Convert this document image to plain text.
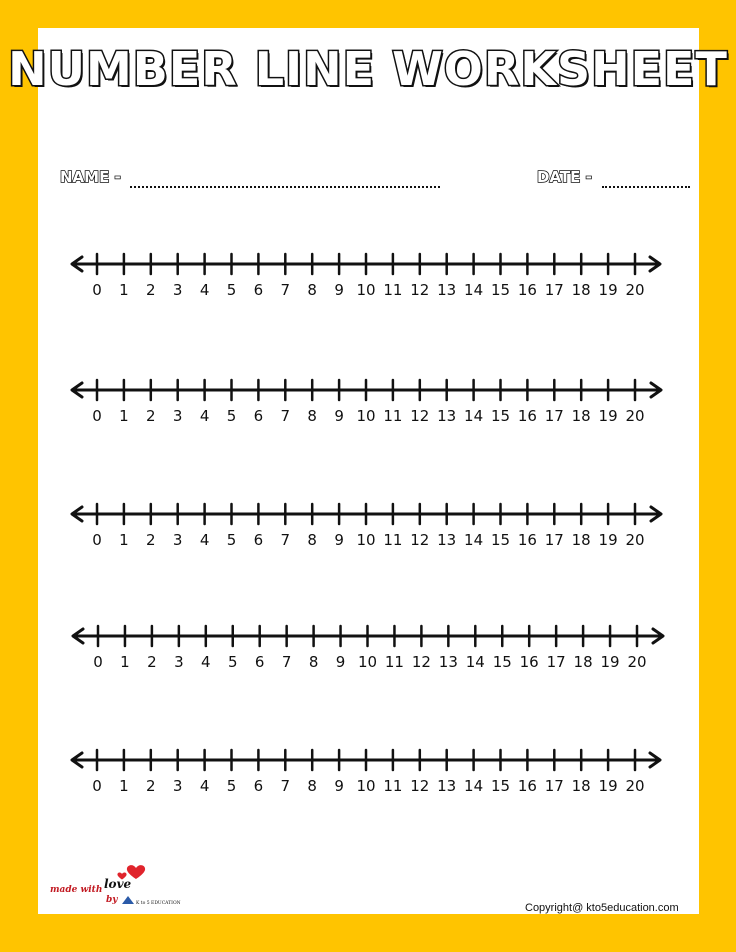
NUMBER LINE WORKSHEET
NAME -	DATE -
0 1 2 3 4 5 6 7 8 9 10 11 12 13 14 15 16 17 18 19 20
0 1 2 3 4 5 6 7 8 9 10 11 12 13 14 15 16 17 18 19 20
0 1 2 3 4 5 6 7 8 9 10 11 12 13 14 15 16 17 18 19 20
0 1 2 3 4 5 6 7 8 9 10 11 12 13 14 15 16 17 18 19 20
0 1 2 3 4 5 6 7 8 9 10 11 12 13 14 15 16 17 18 19 20
made with love
by	K to 5 EDUCATION	Copyright@ kto5education.com
